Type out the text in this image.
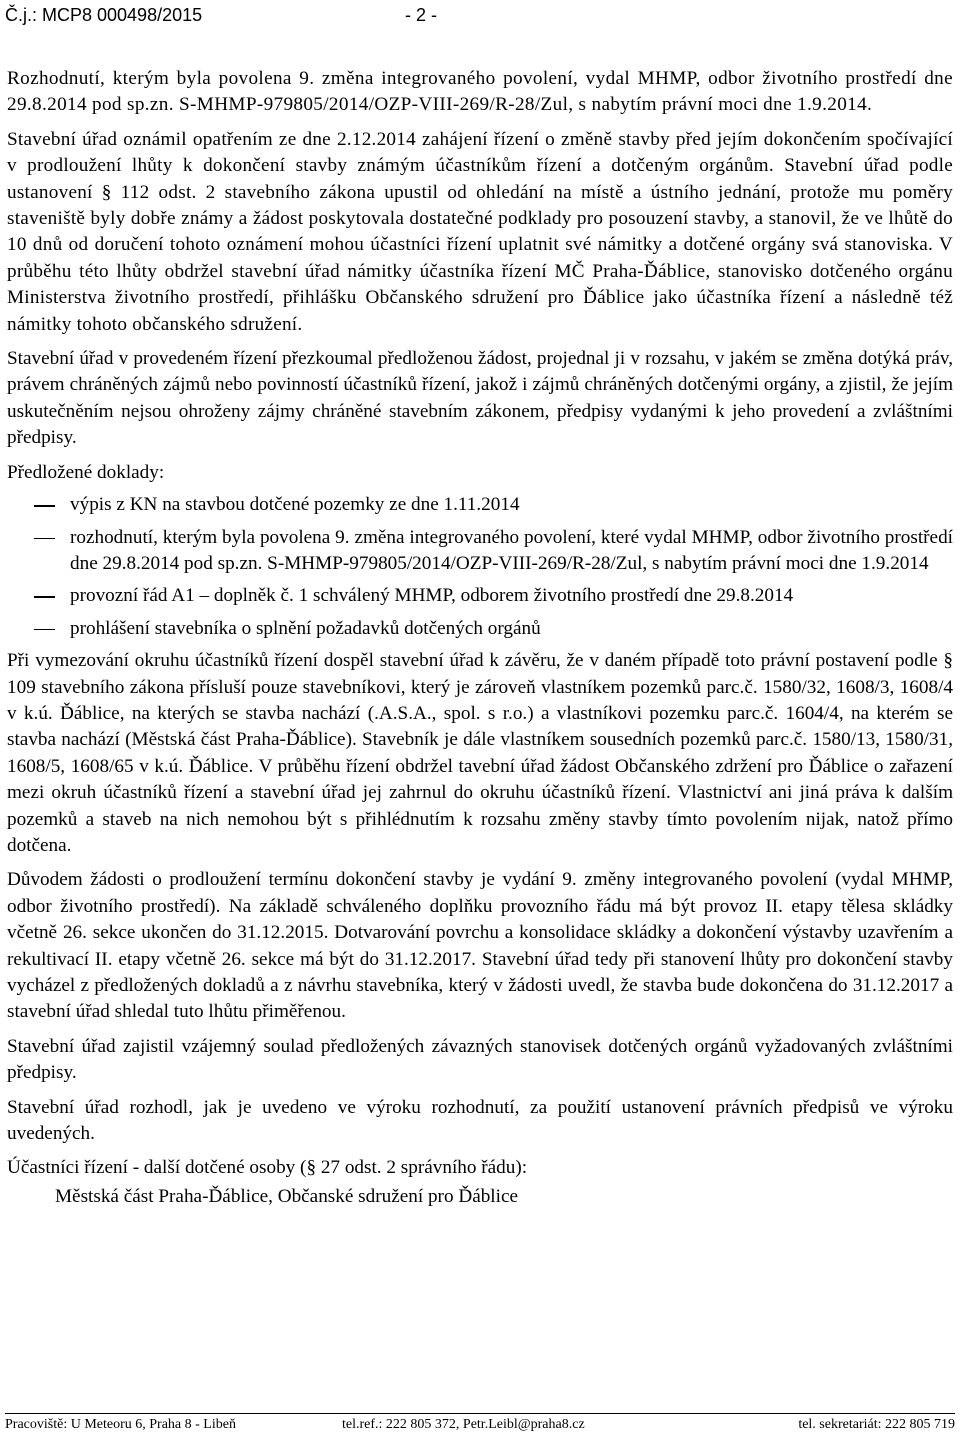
Č.j.: MCP8 000498/2015	- 2 -

Rozhodnutí, kterým byla povolena 9. změna integrovaného povolení, vydal MHMP, odbor životního prostředí dne 29.8.2014 pod sp.zn. S-MHMP-979805/2014/OZP-VIII-269/R-28/Zul, s nabytím právní moci dne 1.9.2014.

Stavební úřad oznámil opatřením ze dne 2.12.2014 zahájení řízení o změně stavby před jejím dokončením spočívající v prodloužení lhůty k dokončení stavby známým účastníkům řízení a dotčeným orgánům. Stavební úřad podle ustanovení § 112 odst. 2 stavebního zákona upustil od ohledání na místě a ústního jednání, protože mu poměry staveniště byly dobře známy a žádost poskytovala dostatečné podklady pro posouzení stavby, a stanovil, že ve lhůtě do 10 dnů od doručení tohoto oznámení mohou účastníci řízení uplatnit své námitky a dotčené orgány svá stanoviska. V průběhu této lhůty obdržel stavební úřad námitky účastníka řízení MČ Praha-Ďáblice, stanovisko dotčeného orgánu Ministerstva životního prostředí, přihlášku Občanského sdružení pro Ďáblice jako účastníka řízení a následně též námitky tohoto občanského sdružení.

Stavební úřad v provedeném řízení přezkoumal předloženou žádost, projednal ji v rozsahu, v jakém se změna dotýká práv, právem chráněných zájmů nebo povinností účastníků řízení, jakož i zájmů chráněných dotčenými orgány, a zjistil, že jejím uskutečněním nejsou ohroženy zájmy chráněné stavebním zákonem, předpisy vydanými k jeho provedení a zvláštními předpisy.

Předložené doklady:

výpis z KN na stavbou dotčené pozemky ze dne 1.11.2014
rozhodnutí, kterým byla povolena 9. změna integrovaného povolení, které vydal MHMP, odbor životního prostředí dne 29.8.2014 pod sp.zn. S-MHMP-979805/2014/OZP-VIII-269/R-28/Zul, s nabytím právní moci dne 1.9.2014
provozní řád A1 – doplněk č. 1 schválený MHMP, odborem životního prostředí dne 29.8.2014
prohlášení stavebníka o splnění požadavků dotčených orgánů

Při vymezování okruhu účastníků řízení dospěl stavební úřad k závěru, že v daném případě toto právní postavení podle § 109 stavebního zákona přísluší pouze stavebníkovi, který je zároveň vlastníkem pozemků parc.č. 1580/32, 1608/3, 1608/4 v k.ú. Ďáblice, na kterých se stavba nachází (.A.S.A., spol. s r.o.) a vlastníkovi pozemku parc.č. 1604/4, na kterém se stavba nachází (Městská část Praha-Ďáblice). Stavebník je dále vlastníkem sousedních pozemků parc.č. 1580/13, 1580/31, 1608/5, 1608/65 v k.ú. Ďáblice. V průběhu řízení obdržel tavební úřad žádost Občanského zdržení pro Ďáblice o zařazení mezi okruh účastníků řízení a stavební úřad jej zahrnul do okruhu účastníků řízení. Vlastnictví ani jiná práva k dalším pozemků a staveb na nich nemohou být s přihlédnutím k rozsahu změny stavby tímto povolením nijak, natož přímo dotčena.

Důvodem žádosti o prodloužení termínu dokončení stavby je vydání 9. změny integrovaného povolení (vydal MHMP, odbor životního prostředí). Na základě schváleného doplňku provozního řádu má být provoz II. etapy tělesa skládky včetně 26. sekce ukončen do 31.12.2015. Dotvarování povrchu a konsolidace skládky a dokončení výstavby uzavřením a rekultivací II. etapy včetně 26. sekce má být do 31.12.2017. Stavební úřad tedy při stanovení lhůty pro dokončení stavby vycházel z předložených dokladů a z návrhu stavebníka, který v žádosti uvedl, že stavba bude dokončena do 31.12.2017 a stavební úřad shledal tuto lhůtu přiměřenou.

Stavební úřad zajistil vzájemný soulad předložených závazných stanovisek dotčených orgánů vyžadovaných zvláštními předpisy.

Stavební úřad rozhodl, jak je uvedeno ve výroku rozhodnutí, za použití ustanovení právních předpisů ve výroku uvedených.

Účastníci řízení - další dotčené osoby (§ 27 odst. 2 správního řádu):

Městská část Praha-Ďáblice, Občanské sdružení pro Ďáblice

Pracoviště: U Meteoru 6, Praha 8 - Libeň	tel.ref.: 222 805 372, Petr.Leibl@praha8.cz	tel. sekretariát: 222 805 719
